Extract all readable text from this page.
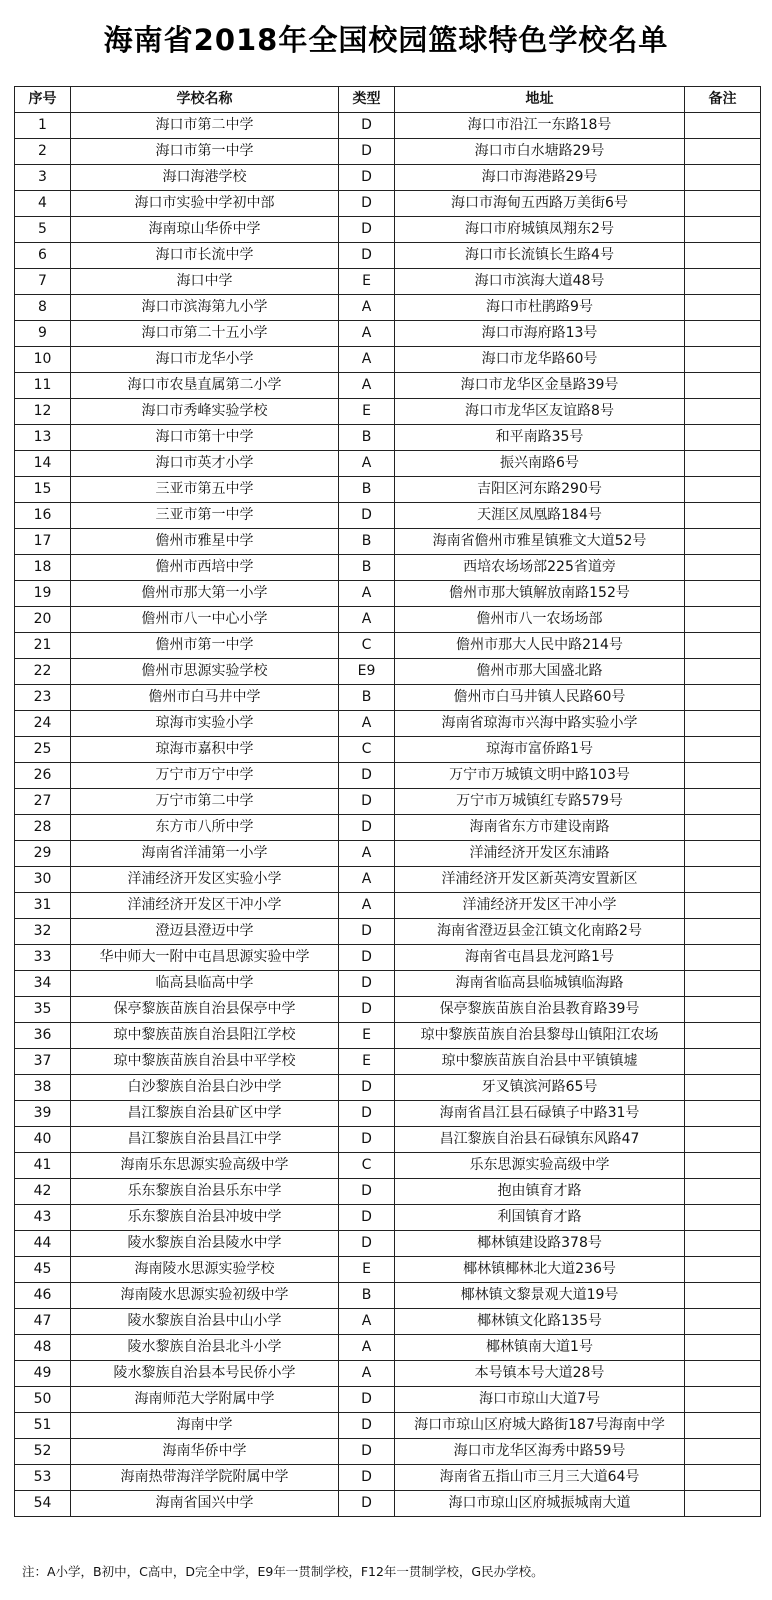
海南省2018年全国校园篮球特色学校名单
序号	学校名称	类型	地址	备注
1	海口市第二中学	D	海口市沿江一东路18号	
2	海口市第一中学	D	海口市白水塘路29号	
3	海口海港学校	D	海口市海港路29号	
4	海口市实验中学初中部	D	海口市海甸五西路万美街6号	
5	海南琼山华侨中学	D	海口市府城镇凤翔东2号	
6	海口市长流中学	D	海口市长流镇长生路4号	
7	海口中学	E	海口市滨海大道48号	
8	海口市滨海第九小学	A	海口市杜鹃路9号	
9	海口市第二十五小学	A	海口市海府路13号	
10	海口市龙华小学	A	海口市龙华路60号	
11	海口市农垦直属第二小学	A	海口市龙华区金垦路39号	
12	海口市秀峰实验学校	E	海口市龙华区友谊路8号	
13	海口市第十中学	B	和平南路35号	
14	海口市英才小学	A	振兴南路6号	
15	三亚市第五中学	B	吉阳区河东路290号	
16	三亚市第一中学	D	天涯区凤凰路184号	
17	儋州市雅星中学	B	海南省儋州市雅星镇雅文大道52号	
18	儋州市西培中学	B	西培农场场部225省道旁	
19	儋州市那大第一小学	A	儋州市那大镇解放南路152号	
20	儋州市八一中心小学	A	儋州市八一农场场部	
21	儋州市第一中学	C	儋州市那大人民中路214号	
22	儋州市思源实验学校	E9	儋州市那大国盛北路	
23	儋州市白马井中学	B	儋州市白马井镇人民路60号	
24	琼海市实验小学	A	海南省琼海市兴海中路实验小学	
25	琼海市嘉积中学	C	琼海市富侨路1号	
26	万宁市万宁中学	D	万宁市万城镇文明中路103号	
27	万宁市第二中学	D	万宁市万城镇红专路579号	
28	东方市八所中学	D	海南省东方市建设南路	
29	海南省洋浦第一小学	A	洋浦经济开发区东浦路	
30	洋浦经济开发区实验小学	A	洋浦经济开发区新英湾安置新区	
31	洋浦经济开发区干冲小学	A	洋浦经济开发区干冲小学	
32	澄迈县澄迈中学	D	海南省澄迈县金江镇文化南路2号	
33	华中师大一附中屯昌思源实验中学	D	海南省屯昌县龙河路1号	
34	临高县临高中学	D	海南省临高县临城镇临海路	
35	保亭黎族苗族自治县保亭中学	D	保亭黎族苗族自治县教育路39号	
36	琼中黎族苗族自治县阳江学校	E	琼中黎族苗族自治县黎母山镇阳江农场	
37	琼中黎族苗族自治县中平学校	E	琼中黎族苗族自治县中平镇镇墟	
38	白沙黎族自治县白沙中学	D	牙叉镇滨河路65号	
39	昌江黎族自治县矿区中学	D	海南省昌江县石碌镇子中路31号	
40	昌江黎族自治县昌江中学	D	昌江黎族自治县石碌镇东风路47	
41	海南乐东思源实验高级中学	C	乐东思源实验高级中学	
42	乐东黎族自治县乐东中学	D	抱由镇育才路	
43	乐东黎族自治县冲坡中学	D	利国镇育才路	
44	陵水黎族自治县陵水中学	D	椰林镇建设路378号	
45	海南陵水思源实验学校	E	椰林镇椰林北大道236号	
46	海南陵水思源实验初级中学	B	椰林镇文黎景观大道19号	
47	陵水黎族自治县中山小学	A	椰林镇文化路135号	
48	陵水黎族自治县北斗小学	A	椰林镇南大道1号	
49	陵水黎族自治县本号民侨小学	A	本号镇本号大道28号	
50	海南师范大学附属中学	D	海口市琼山大道7号	
51	海南中学	D	海口市琼山区府城大路街187号海南中学	
52	海南华侨中学	D	海口市龙华区海秀中路59号	
53	海南热带海洋学院附属中学	D	海南省五指山市三月三大道64号	
54	海南省国兴中学	D	海口市琼山区府城振城南大道	
注：A小学，B初中，C高中，D完全中学，E9年一贯制学校，F12年一贯制学校，G民办学校。
